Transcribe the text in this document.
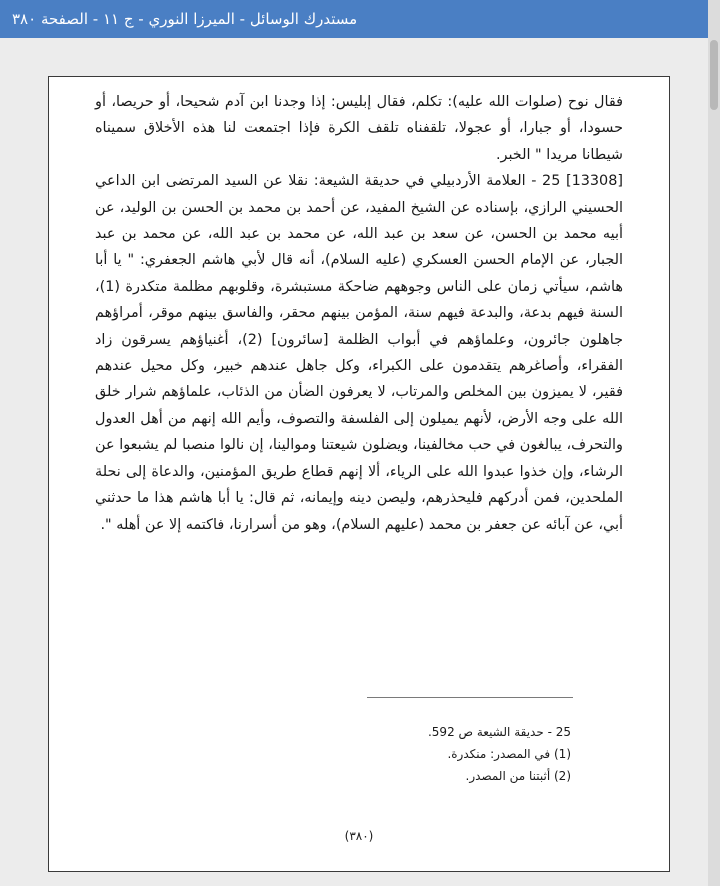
مستدرك الوسائل - الميرزا النوري - ج ١١ - الصفحة ٣٨٠

فقال نوح (صلوات الله عليه): تكلم، فقال إبليس: إذا وجدنا ابن آدم شحيحا، أو حريصا، أو حسودا، أو جبارا، أو عجولا، تلقفناه تلقف الكرة فإذا اجتمعت لنا هذه الأخلاق سميناه شيطانا مريدا " الخبر.

[13308] 25 - العلامة الأردبيلي في حديقة الشيعة: نقلا عن السيد المرتضى ابن الداعي الحسيني الرازي، بإسناده عن الشيخ المفيد، عن أحمد بن محمد بن الحسن بن الوليد، عن أبيه محمد بن الحسن، عن سعد بن عبد الله، عن محمد بن عبد الله، عن محمد بن عبد الجبار، عن الإمام الحسن العسكري (عليه السلام)، أنه قال لأبي هاشم الجعفري: " يا أبا هاشم، سيأتي زمان على الناس وجوههم ضاحكة مستبشرة، وقلوبهم مظلمة متكدرة (1)، السنة فيهم بدعة، والبدعة فيهم سنة، المؤمن بينهم محقر، والفاسق بينهم موقر، أمراؤهم جاهلون جائرون، وعلماؤهم في أبواب الظلمة [سائرون] (2)، أغنياؤهم يسرقون زاد الفقراء، وأصاغرهم يتقدمون على الكبراء، وكل جاهل عندهم خبير، وكل محيل عندهم فقير، لا يميزون بين المخلص والمرتاب، لا يعرفون الضأن من الذئاب، علماؤهم شرار خلق الله على وجه الأرض، لأنهم يميلون إلى الفلسفة والتصوف، وأيم الله إنهم من أهل العدول والتحرف، يبالغون في حب مخالفينا، ويضلون شيعتنا وموالينا، إن نالوا منصبا لم يشبعوا عن الرشاء، وإن خذوا عبدوا الله على الرياء، ألا إنهم قطاع طريق المؤمنين، والدعاة إلى نحلة الملحدين، فمن أدركهم فليحذرهم، وليصن دينه وإيمانه، ثم قال: يا أبا هاشم هذا ما حدثني أبي، عن آبائه عن جعفر بن محمد (عليهم السلام)، وهو من أسرارنا، فاكتمه إلا عن أهله ".

25 - حديقة الشيعة ص 592.
(1) في المصدر: منكدرة.
(2) أثبتنا من المصدر.
(٣٨٠)
